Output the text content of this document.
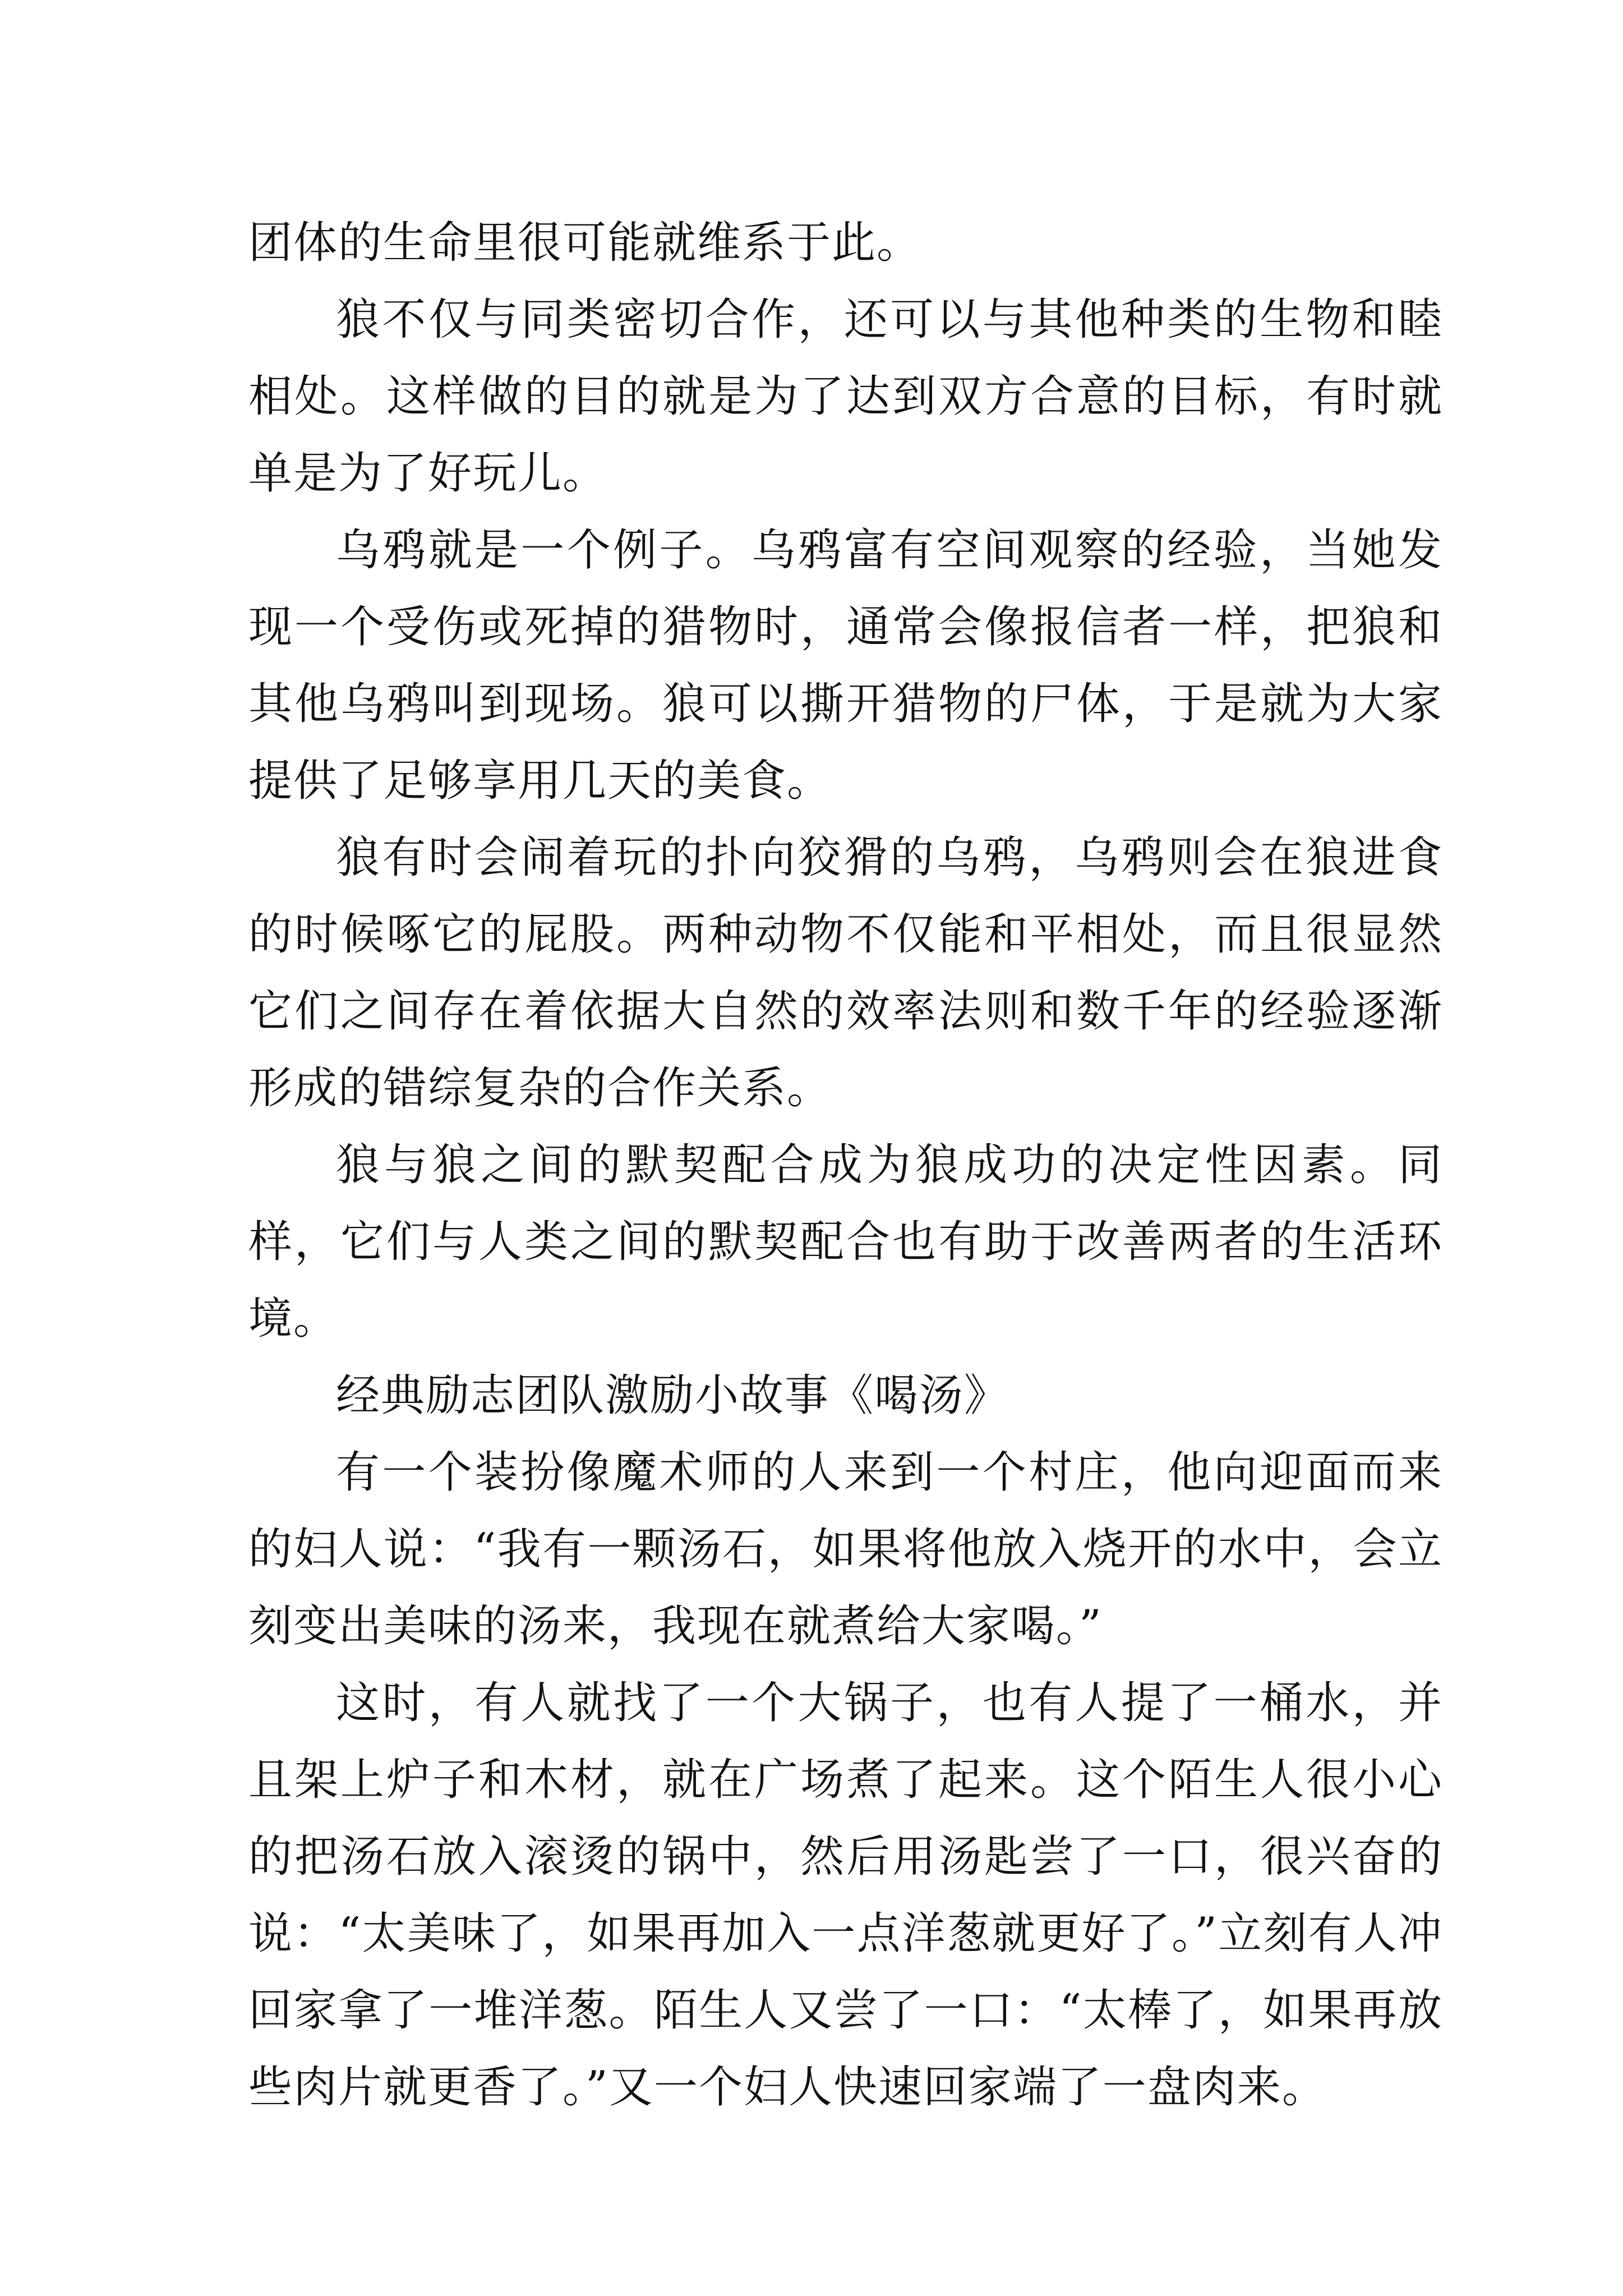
团体的生命里很可能就维系于此。

狼不仅与同类密切合作，还可以与其他种类的生物和睦相处。这样做的目的就是为了达到双方合意的目标，有时就单是为了好玩儿。

乌鸦就是一个例子。乌鸦富有空间观察的经验，当她发现一个受伤或死掉的猎物时，通常会像报信者一样，把狼和其他乌鸦叫到现场。狼可以撕开猎物的尸体，于是就为大家提供了足够享用几天的美食。

狼有时会闹着玩的扑向狡猾的乌鸦，乌鸦则会在狼进食的时候啄它的屁股。两种动物不仅能和平相处，而且很显然它们之间存在着依据大自然的效率法则和数千年的经验逐渐形成的错综复杂的合作关系。

狼与狼之间的默契配合成为狼成功的决定性因素。同样，它们与人类之间的默契配合也有助于改善两者的生活环境。

经典励志团队激励小故事《喝汤》

有一个装扮像魔术师的人来到一个村庄，他向迎面而来的妇人说：“我有一颗汤石，如果将他放入烧开的水中，会立刻变出美味的汤来，我现在就煮给大家喝。”

这时，有人就找了一个大锅子，也有人提了一桶水，并且架上炉子和木材，就在广场煮了起来。这个陌生人很小心的把汤石放入滚烫的锅中，然后用汤匙尝了一口，很兴奋的说：“太美味了，如果再加入一点洋葱就更好了。”立刻有人冲回家拿了一堆洋葱。陌生人又尝了一口：“太棒了，如果再放些肉片就更香了。”又一个妇人快速回家端了一盘肉来。
